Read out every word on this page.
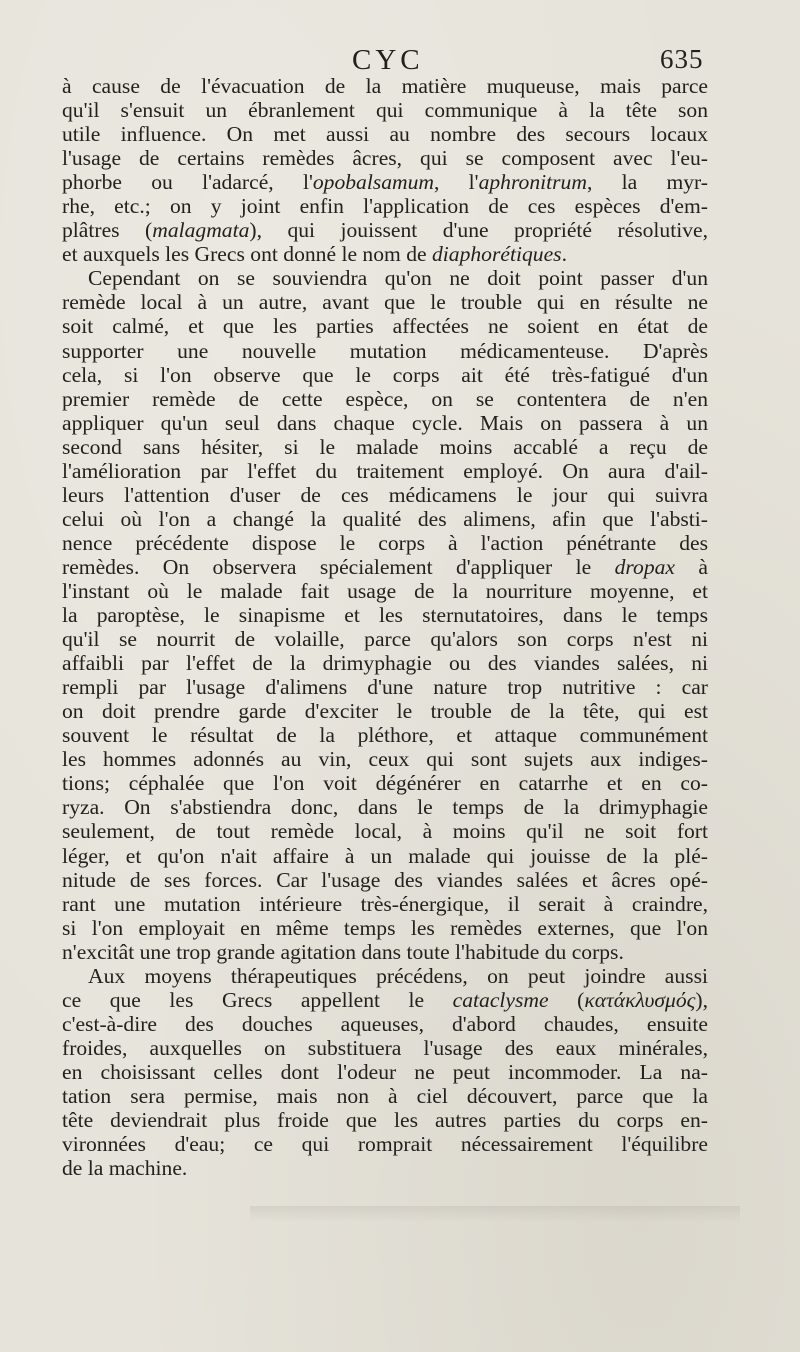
CYC	635
à cause de l'évacuation de la matière muqueuse, mais parce
qu'il s'ensuit un ébranlement qui communique à la tête son
utile influence. On met aussi au nombre des secours locaux
l'usage de certains remèdes âcres, qui se composent avec l'eu-
phorbe ou l'adarcé, l'opobalsamum, l'aphronitrum, la myr-
rhe, etc.; on y joint enfin l'application de ces espèces d'em-
plâtres (malagmata), qui jouissent d'une propriété résolutive,
et auxquels les Grecs ont donné le nom de diaphorétiques.
Cependant on se souviendra qu'on ne doit point passer d'un
remède local à un autre, avant que le trouble qui en résulte ne
soit calmé, et que les parties affectées ne soient en état de
supporter une nouvelle mutation médicamenteuse. D'après
cela, si l'on observe que le corps ait été très-fatigué d'un
premier remède de cette espèce, on se contentera de n'en
appliquer qu'un seul dans chaque cycle. Mais on passera à un
second sans hésiter, si le malade moins accablé a reçu de
l'amélioration par l'effet du traitement employé. On aura d'ail-
leurs l'attention d'user de ces médicamens le jour qui suivra
celui où l'on a changé la qualité des alimens, afin que l'absti-
nence précédente dispose le corps à l'action pénétrante des
remèdes. On observera spécialement d'appliquer le dropax à
l'instant où le malade fait usage de la nourriture moyenne, et
la paroptèse, le sinapisme et les sternutatoires, dans le temps
qu'il se nourrit de volaille, parce qu'alors son corps n'est ni
affaibli par l'effet de la drimyphagie ou des viandes salées, ni
rempli par l'usage d'alimens d'une nature trop nutritive : car
on doit prendre garde d'exciter le trouble de la tête, qui est
souvent le résultat de la pléthore, et attaque communément
les hommes adonnés au vin, ceux qui sont sujets aux indiges-
tions; céphalée que l'on voit dégénérer en catarrhe et en co-
ryza. On s'abstiendra donc, dans le temps de la drimyphagie
seulement, de tout remède local, à moins qu'il ne soit fort
léger, et qu'on n'ait affaire à un malade qui jouisse de la plé-
nitude de ses forces. Car l'usage des viandes salées et âcres opé-
rant une mutation intérieure très-énergique, il serait à craindre,
si l'on employait en même temps les remèdes externes, que l'on
n'excitât une trop grande agitation dans toute l'habitude du corps.
Aux moyens thérapeutiques précédens, on peut joindre aussi
ce que les Grecs appellent le cataclysme (κατάκλυσμός),
c'est-à-dire des douches aqueuses, d'abord chaudes, ensuite
froides, auxquelles on substituera l'usage des eaux minérales,
en choisissant celles dont l'odeur ne peut incommoder. La na-
tation sera permise, mais non à ciel découvert, parce que la
tête deviendrait plus froide que les autres parties du corps en-
vironnées d'eau; ce qui romprait nécessairement l'équilibre
de la machine.
